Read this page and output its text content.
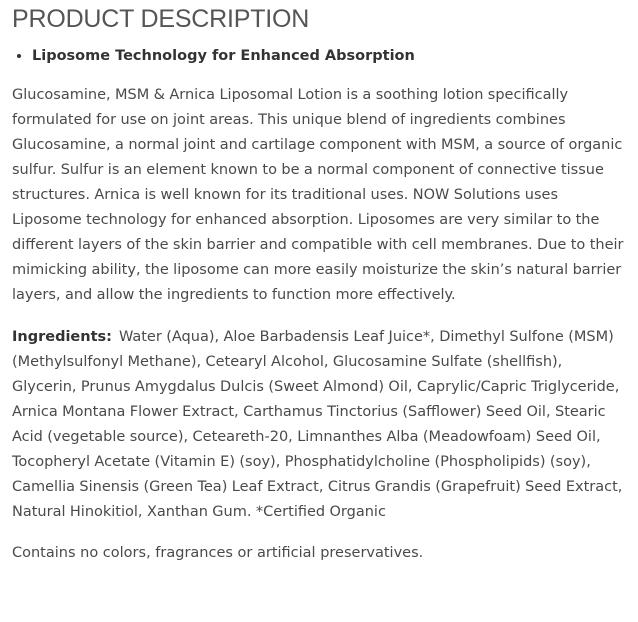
PRODUCT DESCRIPTION
• Liposome Technology for Enhanced Absorption

Glucosamine, MSM & Arnica Liposomal Lotion is a soothing lotion specifically formulated for use on joint areas. This unique blend of ingredients combines Glucosamine, a normal joint and cartilage component with MSM, a source of organic sulfur. Sulfur is an element known to be a normal component of connective tissue structures. Arnica is well known for its traditional uses. NOW Solutions uses Liposome technology for enhanced absorption. Liposomes are very similar to the different layers of the skin barrier and compatible with cell membranes. Due to their mimicking ability, the liposome can more easily moisturize the skin’s natural barrier layers, and allow the ingredients to function more effectively.

Ingredients: Water (Aqua), Aloe Barbadensis Leaf Juice*, Dimethyl Sulfone (MSM) (Methylsulfonyl Methane), Cetearyl Alcohol, Glucosamine Sulfate (shellfish), Glycerin, Prunus Amygdalus Dulcis (Sweet Almond) Oil, Caprylic/Capric Triglyceride, Arnica Montana Flower Extract, Carthamus Tinctorius (Safflower) Seed Oil, Stearic Acid (vegetable source), Ceteareth-20, Limnanthes Alba (Meadowfoam) Seed Oil, Tocopheryl Acetate (Vitamin E) (soy), Phosphatidylcholine (Phospholipids) (soy), Camellia Sinensis (Green Tea) Leaf Extract, Citrus Grandis (Grapefruit) Seed Extract, Natural Hinokitiol, Xanthan Gum. *Certified Organic

Contains no colors, fragrances or artificial preservatives.
